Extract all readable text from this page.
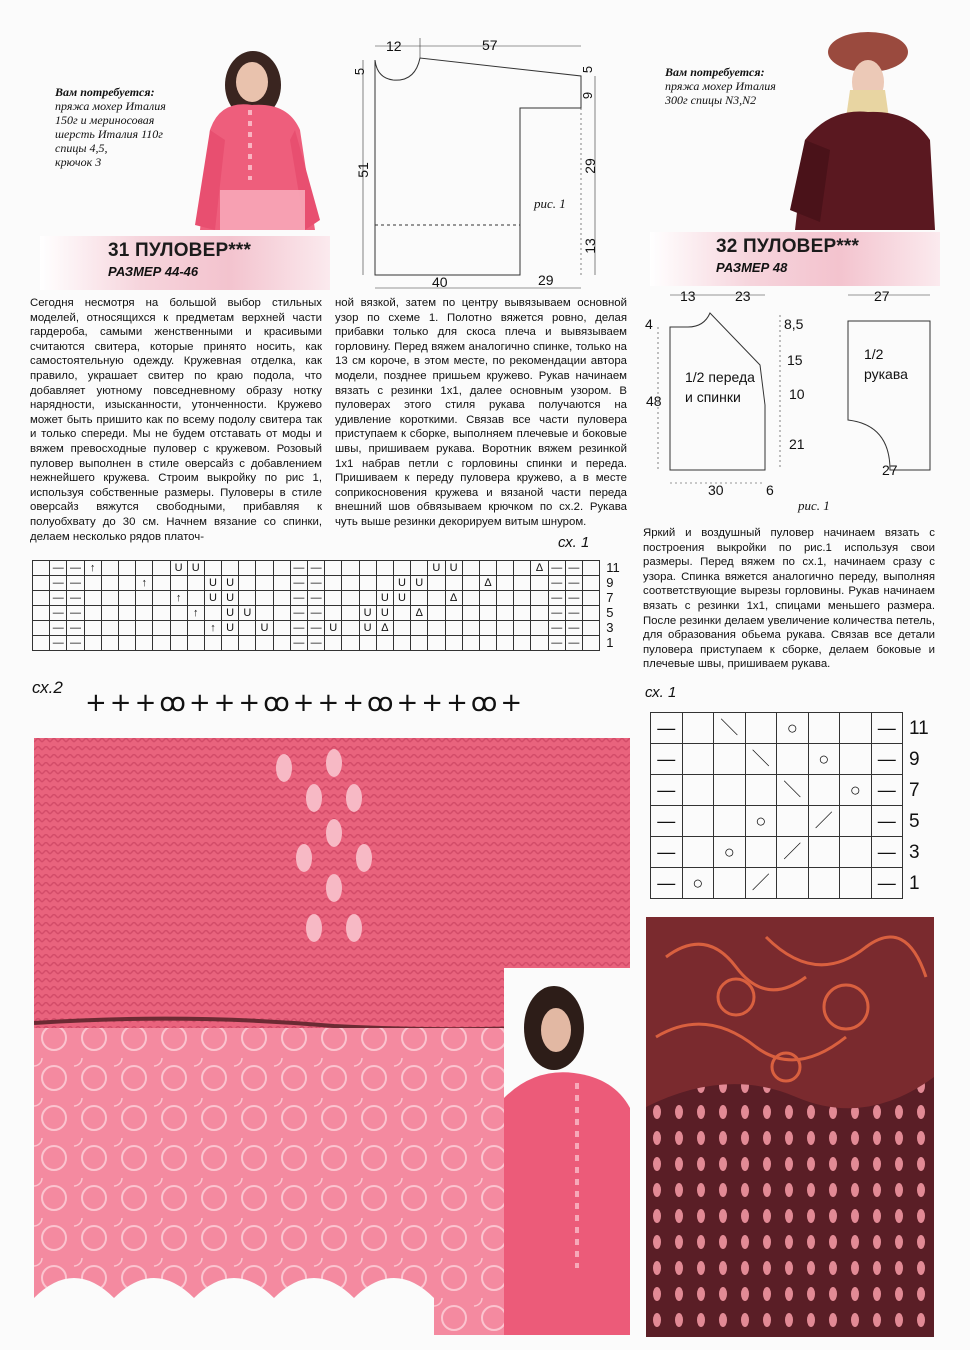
Вам потребуется:
пряжа мохер Италия
150г и мериносовая
шерсть Италия 110г
спицы 4,5,
крючок 3
31 ПУЛОВЕР***
РАЗМЕР 44-46
12	57
5
51
5
9
29
13
40	29
рис. 1

Сегодня несмотря на большой выбор стильных моделей, относящихся к предметам верхней части гардероба, самыми женственными и красивыми считаются свитера, которые принято носить, как самостоятельную одежду. Кружевная отделка, как правило, украшает свитер по краю подола, что добавляет уютному повседневному образу нотку нарядности, изысканности, утонченности. Кружево может быть пришито как по всему подолу свитера так и только спереди. Мы не будем отставать от моды и вяжем превосходные пуловер с кружевом. Розовый пуловер выполнен в стиле оверсайз с добавлением нежнейшего кружева. Строим выкройку по рис 1, используя собственные размеры. Пуловеры в стиле оверсайз вяжутся свободными, прибавляя к полуобхвату до 30 см. Начнем вязание со спинки, делаем несколько рядов платоч-

ной вязкой, затем по центру вывязываем основной узор по схеме 1. Полотно вяжется ровно, делая прибавки только для скоса плеча и вывязываем горловину. Перед вяжем аналогично спинке, только на 13 см короче, в этом месте, по рекомендации автора модели, позднее пришьем кружево. Рукав начинаем вязать с резинки 1x1, далее основным узором. В пуловерах этого стиля рукава получаются на удивление короткими. Связав все части пуловера приступаем к сборке, выполняем плечевые и боковые швы, пришиваем рукава. Воротник вяжем резинкой 1x1 набрав петли с горловины спинки и переда. Пришиваем к переду пуловера кружево, а в месте соприкосновения кружева и вязаной части переда внешний шов обвязываем крючком по сх.2. Рукава чуть выше резинки декорируем витым шнуром.

сх. 1
	—	—	↑					U	U						—	—							U	U					∆	—	—		11
	—	—				↑				U	U				—	—					U	U				∆				—	—		9
	—	—						↑		U	U				—	—				U	U			∆						—	—		7
	—	—							↑		U	U			—	—			U	U		∆								—	—		5
	—	—								↑	U		U		—	—	U		U	∆										—	—		3
	—	—													—	—														—	—		1
сх.2
+++ꝏ+++ꝏ+++ꝏ+++ꝏ+
Вам потребуется:
пряжа мохер Италия
300г спицы N3,N2
32 ПУЛОВЕР***
РАЗМЕР 48
13	23
4
48
8,5
15
10
21
30	6
1/2 переда и спинки
27
1/2 рукава
27
рис. 1

Яркий и воздушный пуловер начинаем вязать с построения выкройки по рис.1 используя свои размеры. Перед вяжем по сх.1, начинаем сразу с узора. Спинка вяжется аналогично переду, выполняя соответствующие вырезы горловины. Рукав начинаем вязать с резинки 1x1, спицами меньшего размера. После резинки делаем увеличение количества петель, для образования обьема рукава. Связав все детали пуловера приступаем к сборке, делаем боковые и плечевые швы, пришиваем рукава.

сх. 1
—		＼		○			—	11
—			＼		○		—	9
—				＼		○	—	7
—			○		／		—	5
—		○		／			—	3
—	○		／				—	1
